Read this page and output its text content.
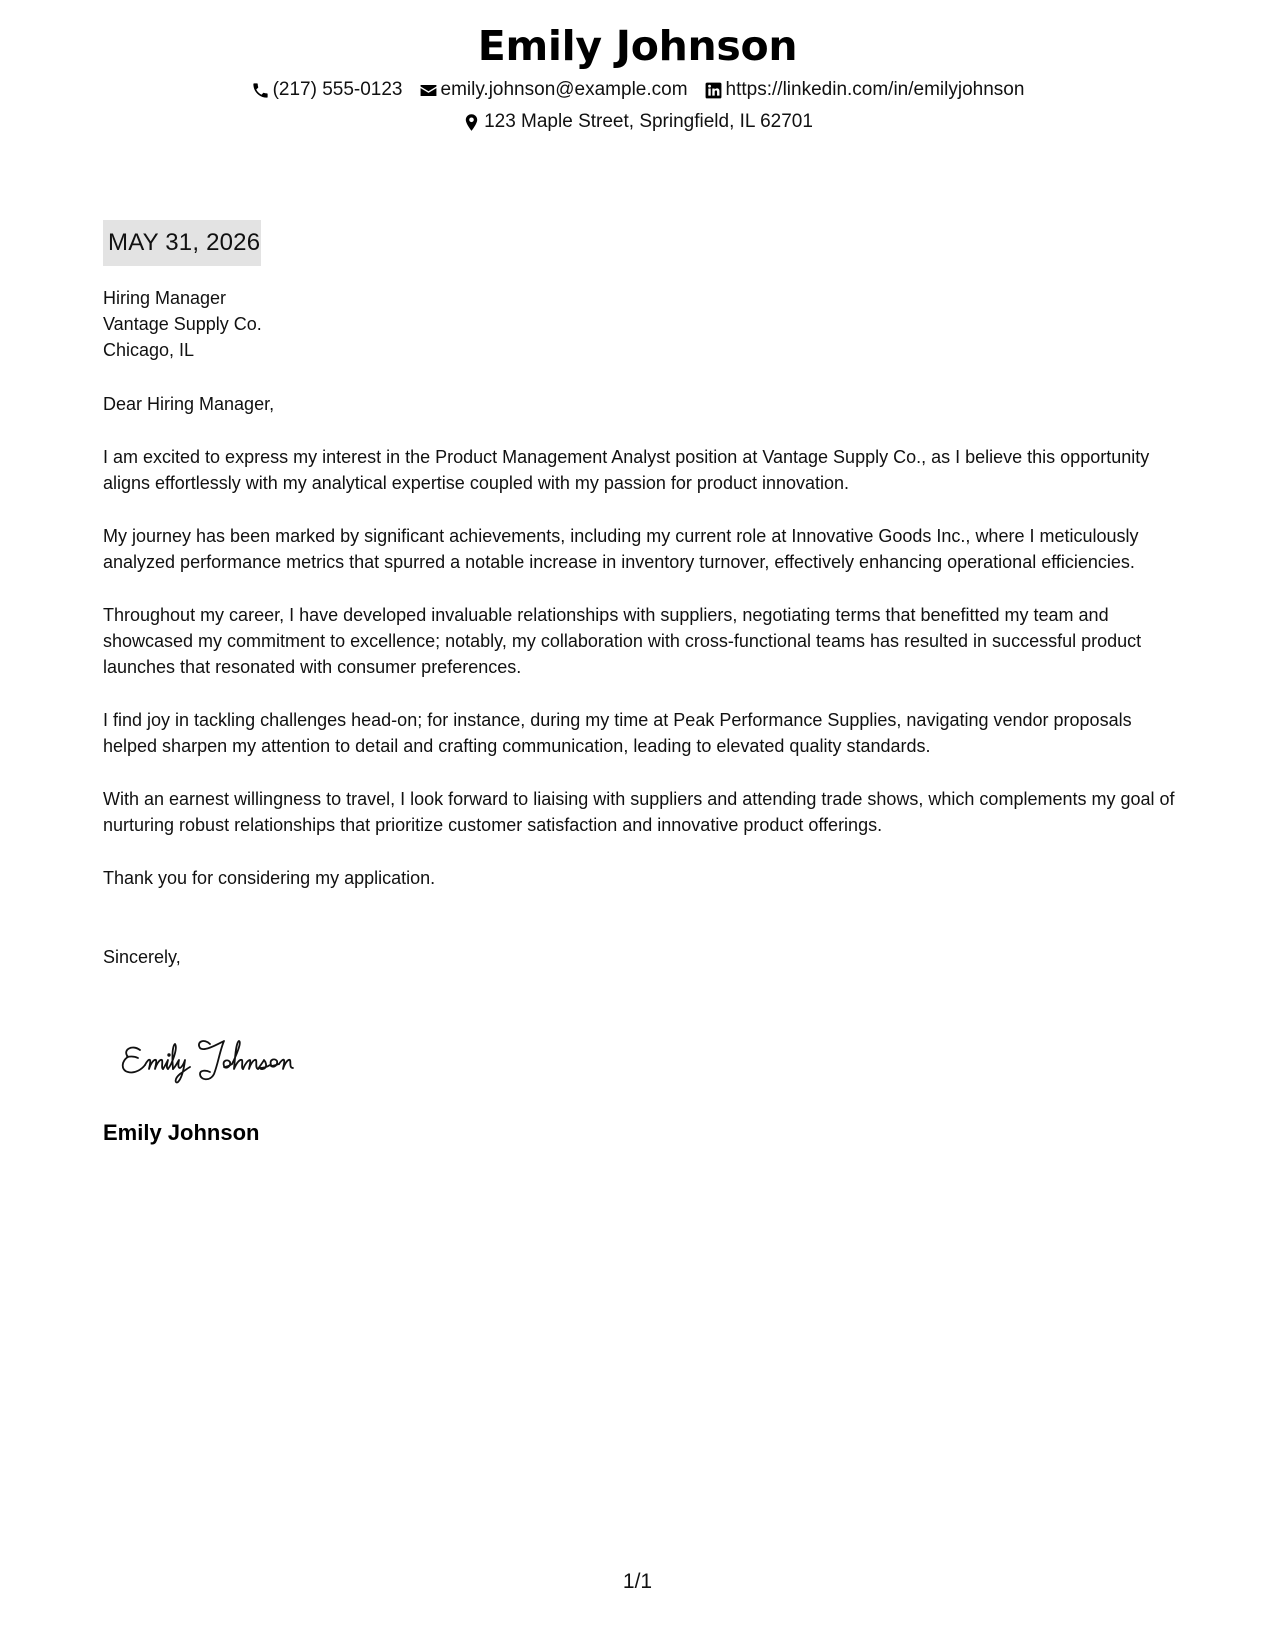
Emily Johnson
(217) 555-0123 emily.johnson@example.com https://linkedin.com/in/emilyjohnson
123 Maple Street, Springfield, IL 62701
MAY 31, 2026
Hiring Manager
Vantage Supply Co.
Chicago, IL
Dear Hiring Manager,
I am excited to express my interest in the Product Management Analyst position at Vantage Supply Co., as I believe this opportunity aligns effortlessly with my analytical expertise coupled with my passion for product innovation.
My journey has been marked by significant achievements, including my current role at Innovative Goods Inc., where I meticulously analyzed performance metrics that spurred a notable increase in inventory turnover, effectively enhancing operational efficiencies.
Throughout my career, I have developed invaluable relationships with suppliers, negotiating terms that benefitted my team and showcased my commitment to excellence; notably, my collaboration with cross-functional teams has resulted in successful product launches that resonated with consumer preferences.
I find joy in tackling challenges head-on; for instance, during my time at Peak Performance Supplies, navigating vendor proposals helped sharpen my attention to detail and crafting communication, leading to elevated quality standards.
With an earnest willingness to travel, I look forward to liaising with suppliers and attending trade shows, which complements my goal of nurturing robust relationships that prioritize customer satisfaction and innovative product offerings.
Thank you for considering my application.
Sincerely,
Emily Johnson
1/1
